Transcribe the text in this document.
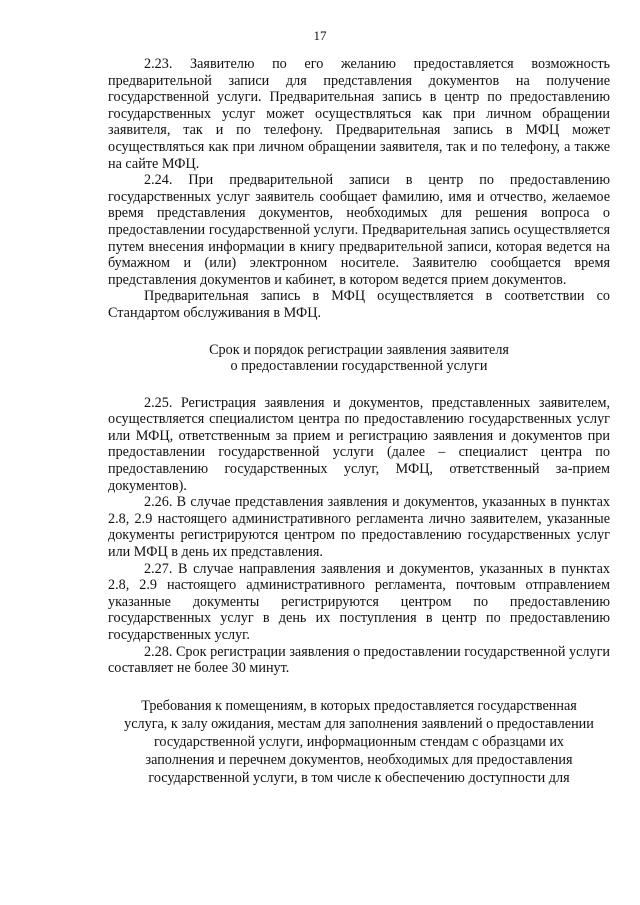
17

2.23. Заявителю по его желанию предоставляется возможность предварительной записи для представления документов на получение государственной услуги. Предварительная запись в центр по предоставлению государственных услуг может осуществляться как при личном обращении заявителя, так и по телефону. Предварительная запись в МФЦ может осуществляться как при личном обращении заявителя, так и по телефону, а также на сайте МФЦ.

2.24. При предварительной записи в центр по предоставлению государственных услуг заявитель сообщает фамилию, имя и отчество, желаемое время представления документов, необходимых для решения вопроса о предоставлении государственной услуги. Предварительная запись осуществляется путем внесения информации в книгу предварительной записи, которая ведется на бумажном и (или) электронном носителе. Заявителю сообщается время представления документов и кабинет, в котором ведется прием документов.

Предварительная запись в МФЦ осуществляется в соответствии со Стандартом обслуживания в МФЦ.

Срок и порядок регистрации заявления заявителя
о предоставлении государственной услуги

2.25. Регистрация заявления и документов, представленных заявителем, осуществляется специалистом центра по предоставлению государственных услуг или МФЦ, ответственным за прием и регистрацию заявления и документов при предоставлении государственной услуги (далее – специалист центра по предоставлению государственных услуг, МФЦ, ответственный за-прием документов).

2.26. В случае представления заявления и документов, указанных в пунктах 2.8, 2.9 настоящего административного регламента лично заявителем, указанные документы регистрируются центром по предоставлению государственных услуг или МФЦ в день их представления.

2.27. В случае направления заявления и документов, указанных в пунктах 2.8, 2.9 настоящего административного регламента, почтовым отправлением указанные документы регистрируются центром по предоставлению государственных услуг в день их поступления в центр по предоставлению государственных услуг.

2.28. Срок регистрации заявления о предоставлении государственной услуги составляет не более 30 минут.

Требования к помещениям, в которых предоставляется государственная услуга, к залу ожидания, местам для заполнения заявлений о предоставлении государственной услуги, информационным стендам с образцами их заполнения и перечнем документов, необходимых для предоставления государственной услуги, в том числе к обеспечению доступности для
